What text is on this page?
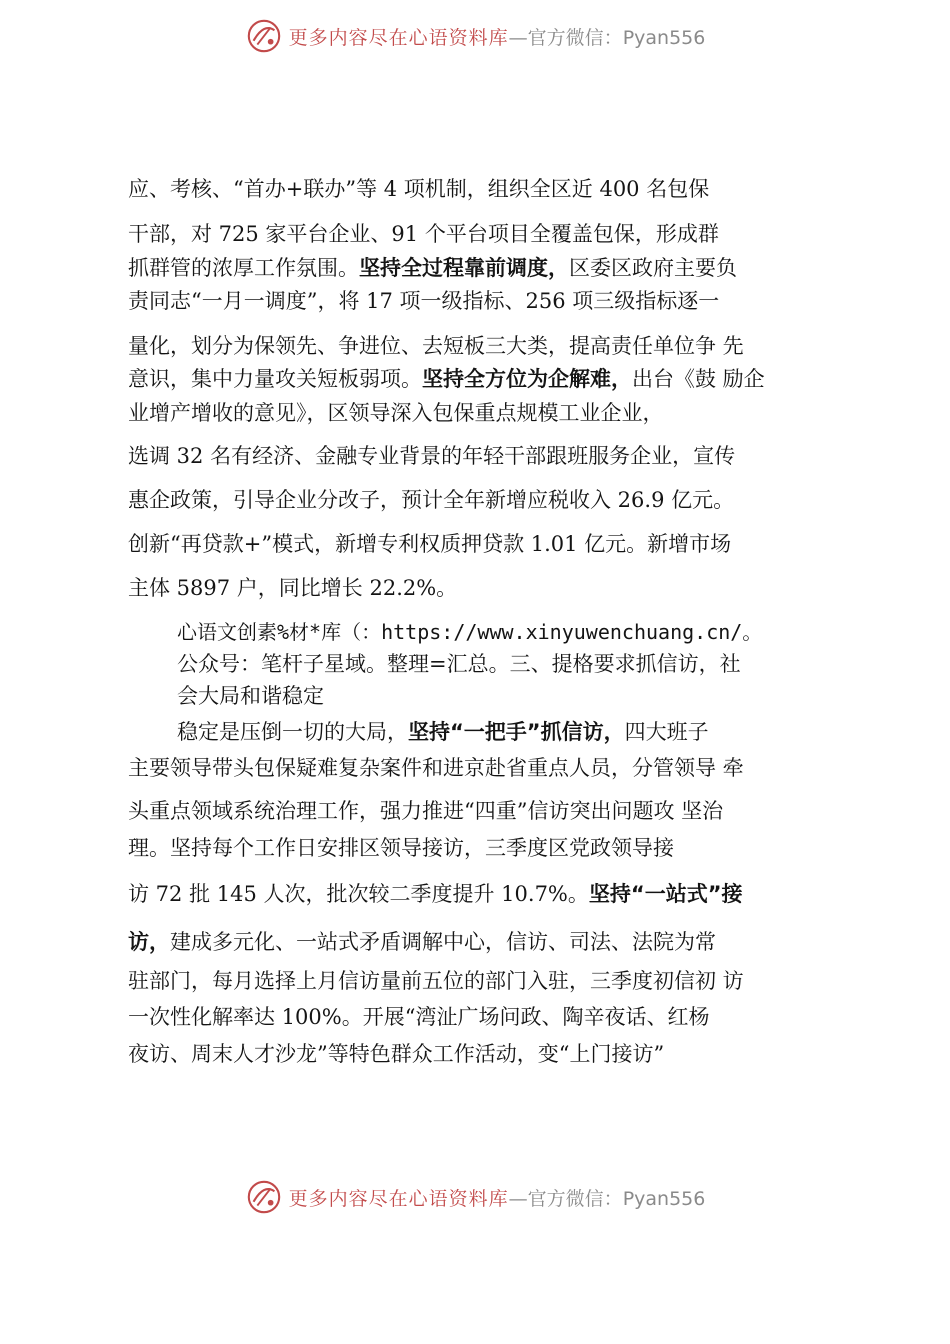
更多内容尽在心语资料库—官方微信：Pyan556
应、考核、“首办+联办”等 4 项机制，组织全区近 400 名包保
干部，对 725 家平台企业、91 个平台项目全覆盖包保，形成群
抓群管的浓厚工作氛围。坚持全过程靠前调度，区委区政府主要负
责同志“一月一调度”，将 17 项一级指标、256 项三级指标逐一
量化，划分为保领先、争进位、去短板三大类，提高责任单位争 先
意识，集中力量攻关短板弱项。坚持全方位为企解难，出台《鼓 励企
业增产增收的意见》，区领导深入包保重点规模工业企业，
选调 32 名有经济、金融专业背景的年轻干部跟班服务企业，宣传
惠企政策，引导企业分改子，预计全年新增应税收入 26.9 亿元。
创新“再贷款+”模式，新增专利权质押贷款 1.01 亿元。新增市场
主体 5897 户，同比增长 22.2%。
心语文创素%材*库（：https://www.xinyuwenchuang.cn/。
公众号：笔杆子星域。整理=汇总。三、提格要求抓信访，社
会大局和谐稳定
稳定是压倒一切的大局，坚持“一把手”抓信访，四大班子
主要领导带头包保疑难复杂案件和进京赴省重点人员，分管领导 牵
头重点领域系统治理工作，强力推进“四重”信访突出问题攻 坚治
理。坚持每个工作日安排区领导接访，三季度区党政领导接
访 72 批 145 人次，批次较二季度提升 10.7%。坚持“一站式”接
访，建成多元化、一站式矛盾调解中心，信访、司法、法院为常
驻部门，每月选择上月信访量前五位的部门入驻，三季度初信初 访
一次性化解率达 100%。开展“湾沚广场问政、陶辛夜话、红杨
夜访、周末人才沙龙”等特色群众工作活动，变“上门接访”
更多内容尽在心语资料库—官方微信：Pyan556
